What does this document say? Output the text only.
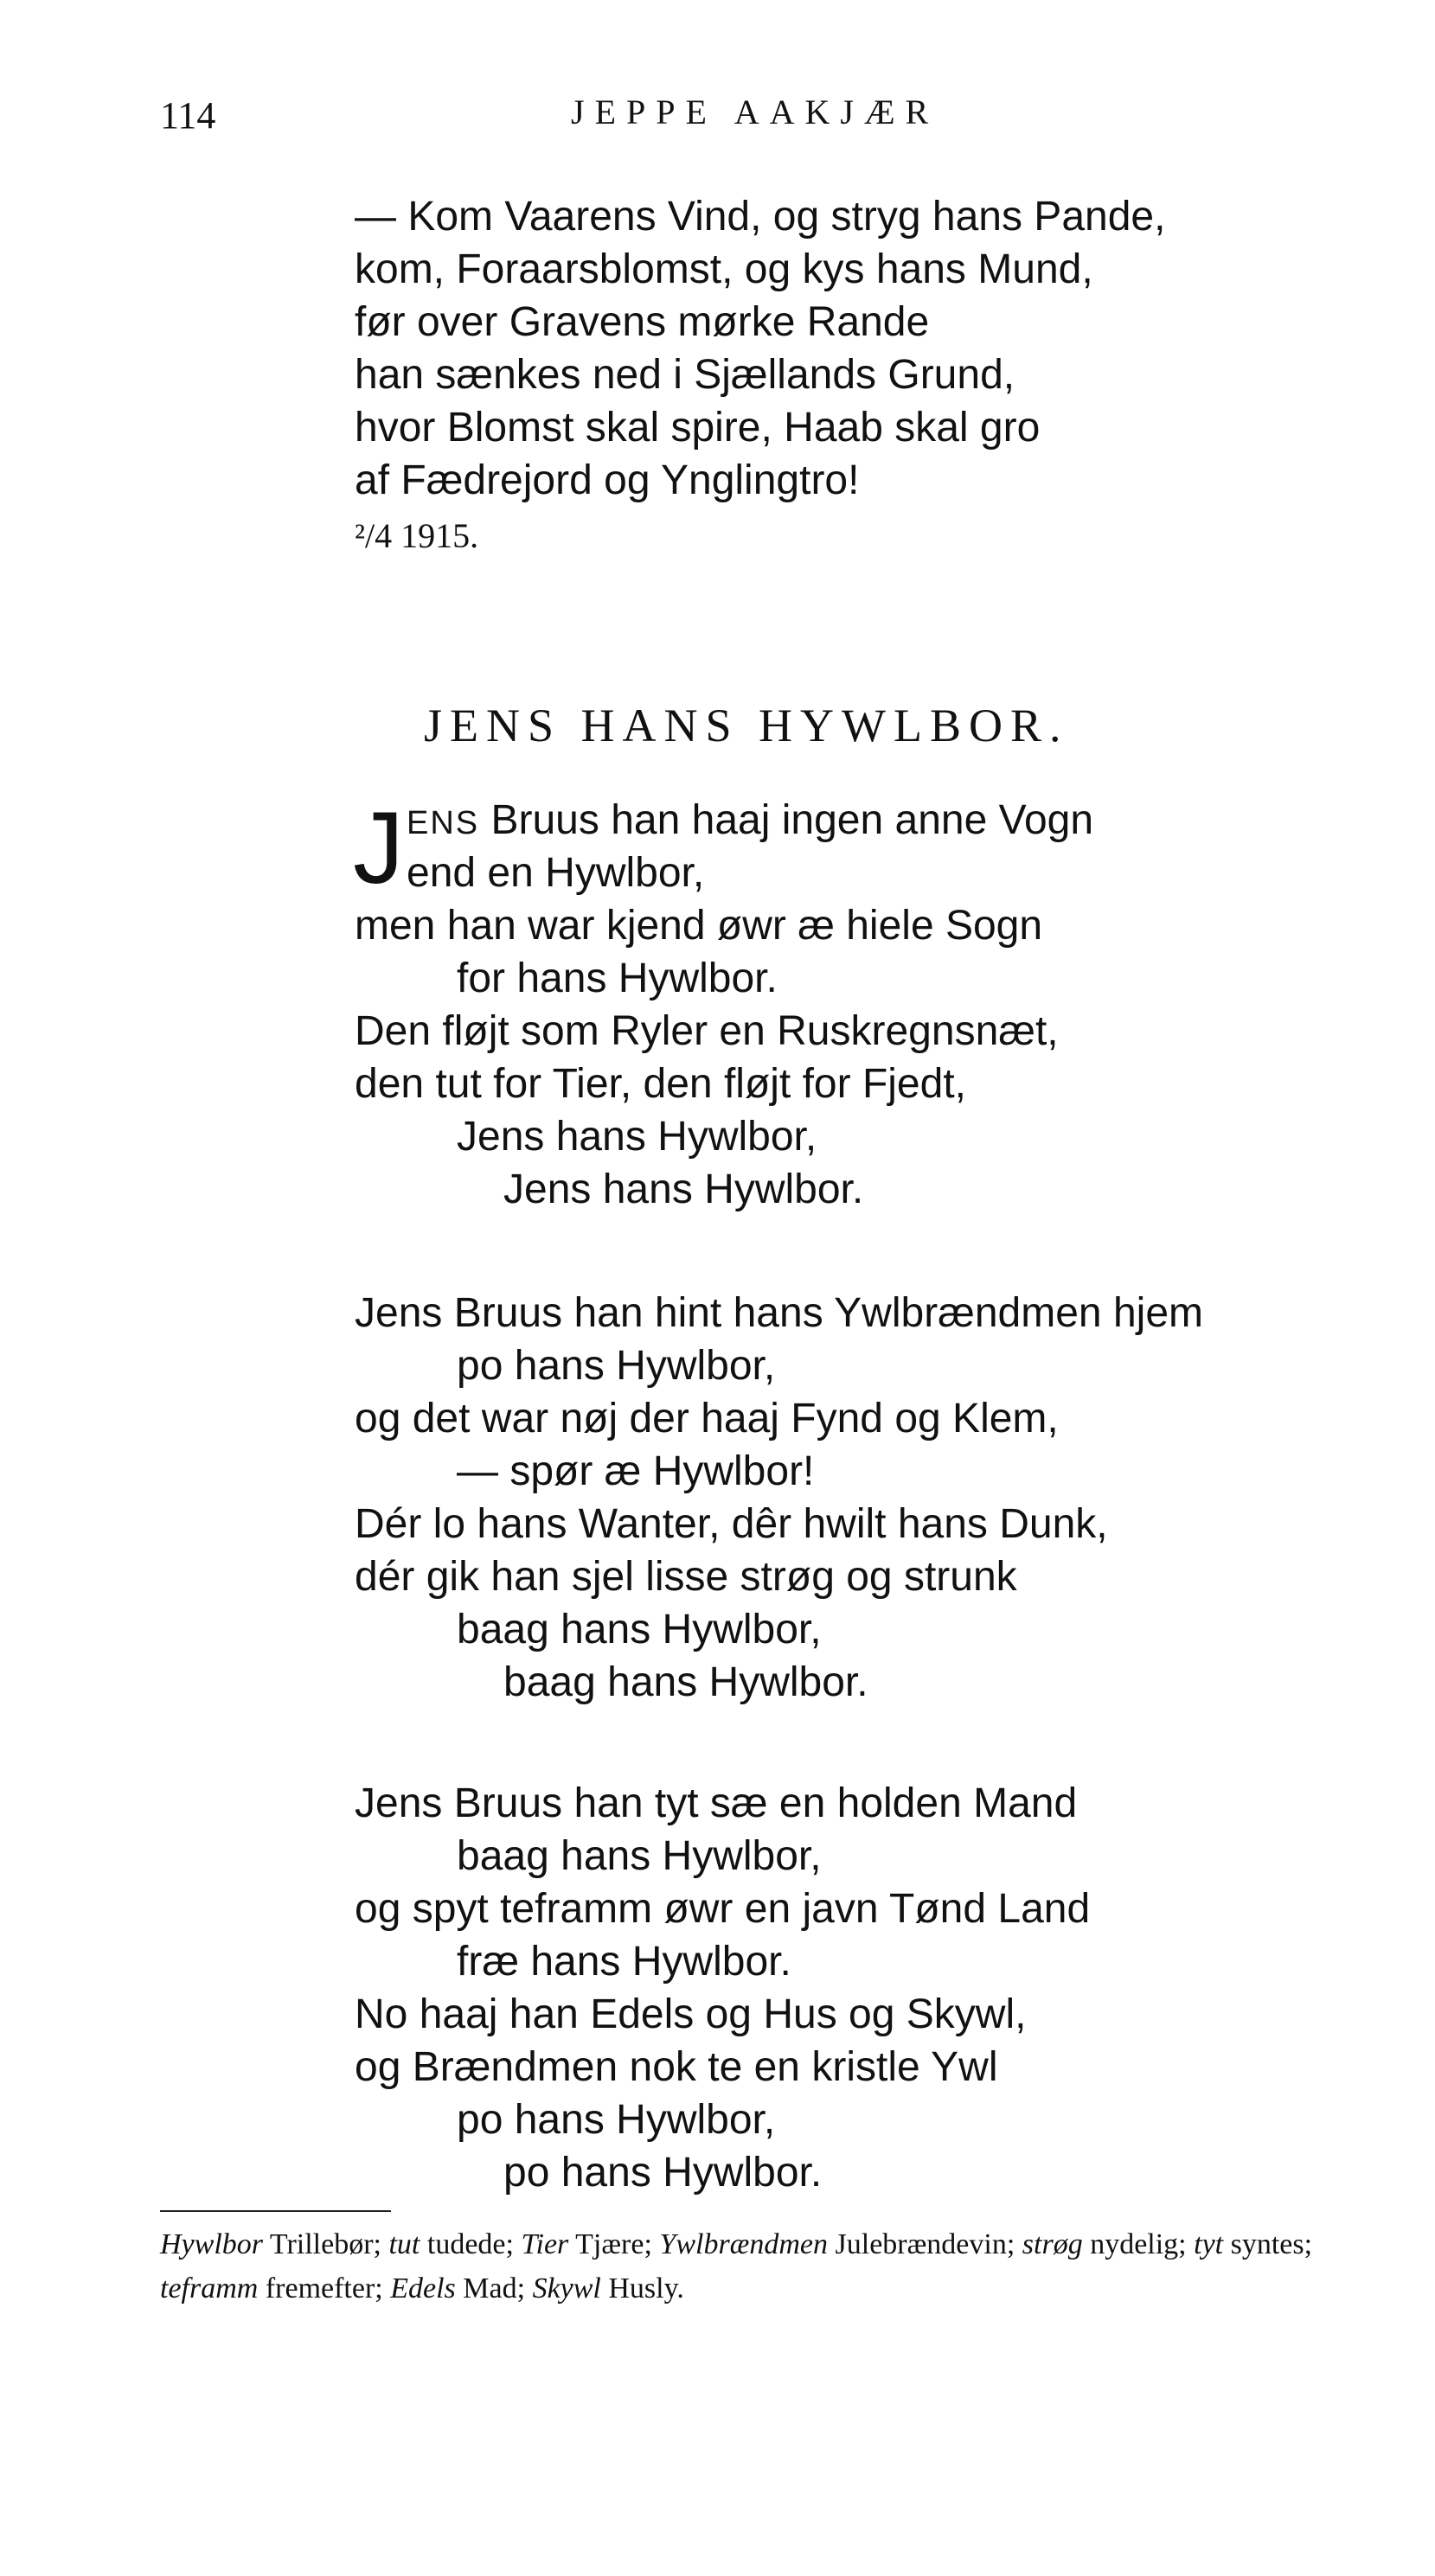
114	JEPPE AAKJÆR
— Kom Vaarens Vind, og stryg hans Pande,
kom, Foraarsblomst, og kys hans Mund,
før over Gravens mørke Rande
han sænkes ned i Sjællands Grund,
hvor Blomst skal spire, Haab skal gro
af Fædrejord og Ynglingtro!
²/4 1915.
JENS HANS HYWLBOR.
J ENS Bruus han haaj ingen anne Vogn
end en Hywlbor,
men han war kjend øwr æ hiele Sogn
for hans Hywlbor.
Den fløjt som Ryler en Ruskregnsnæt,
den tut for Tier, den fløjt for Fjedt,
Jens hans Hywlbor,
Jens hans Hywlbor.
Jens Bruus han hint hans Ywlbrændmen hjem
po hans Hywlbor,
og det war nøj der haaj Fynd og Klem,
— spør æ Hywlbor!
Dér lo hans Wanter, dêr hwilt hans Dunk,
dér gik han sjel lisse strøg og strunk
baag hans Hywlbor,
baag hans Hywlbor.
Jens Bruus han tyt sæ en holden Mand
baag hans Hywlbor,
og spyt teframm øwr en javn Tønd Land
fræ hans Hywlbor.
No haaj han Edels og Hus og Skywl,
og Brændmen nok te en kristle Ywl
po hans Hywlbor,
po hans Hywlbor.
Hywlbor Trillebør; tut tudede; Tier Tjære; Ywlbrændmen Julebrændevin; strøg nydelig; tyt syntes; teframm fremefter; Edels Mad; Skywl Husly.
